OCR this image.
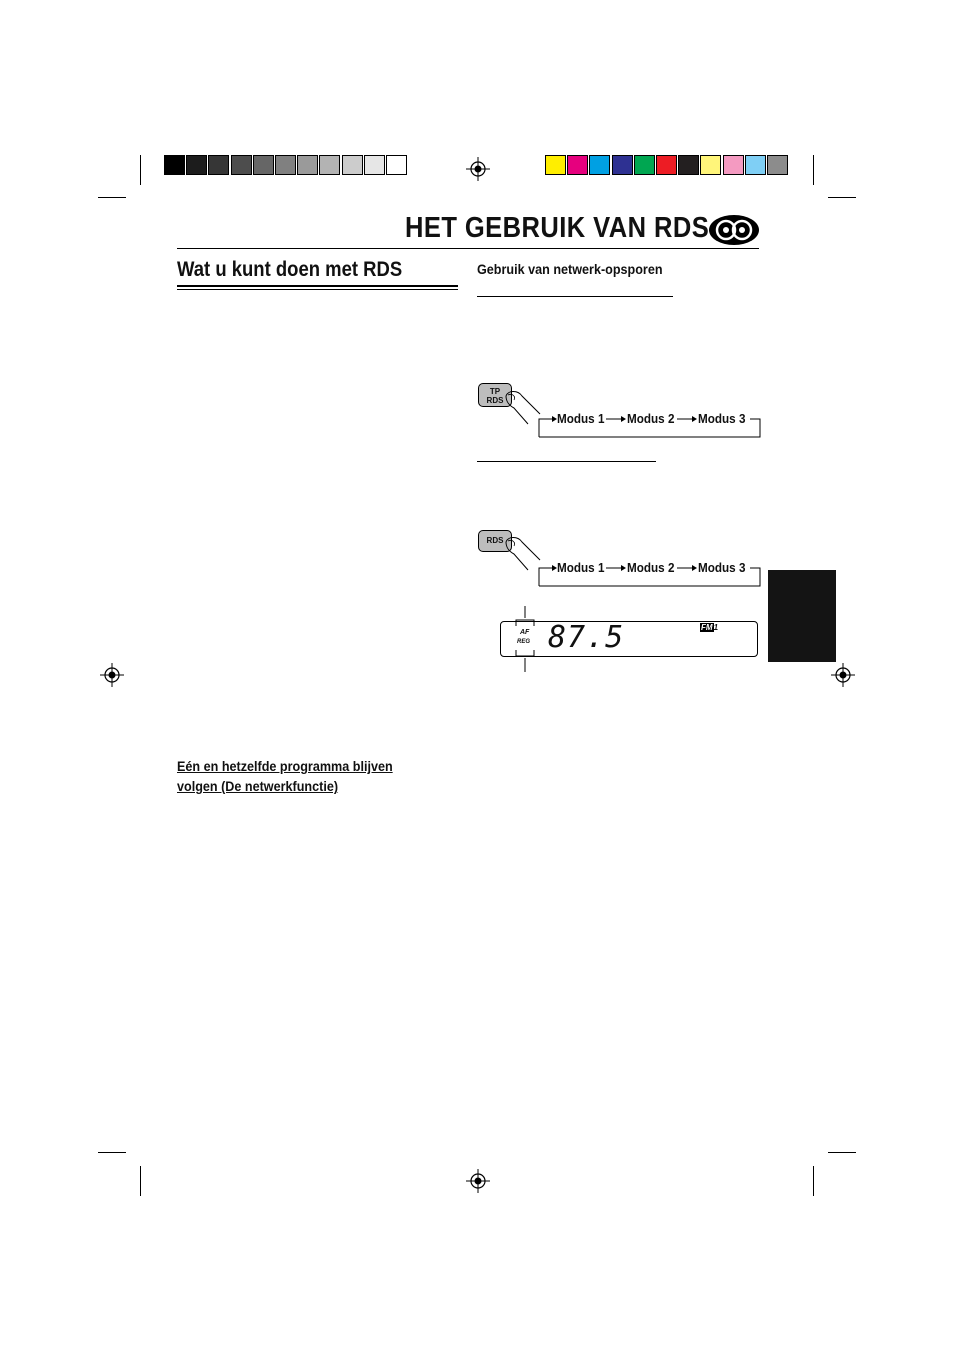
HET GEBRUIK VAN RDS
Wat u kunt doen met RDS
Eén en hetzelfde programma blijven
volgen (De netwerkfunctie)
Gebruik van netwerk-opsporen
TP
RDS
Modus 1 Modus 2 Modus 3
RDS
Modus 1 Modus 2 Modus 3
AF
REG 87.5	FM1
